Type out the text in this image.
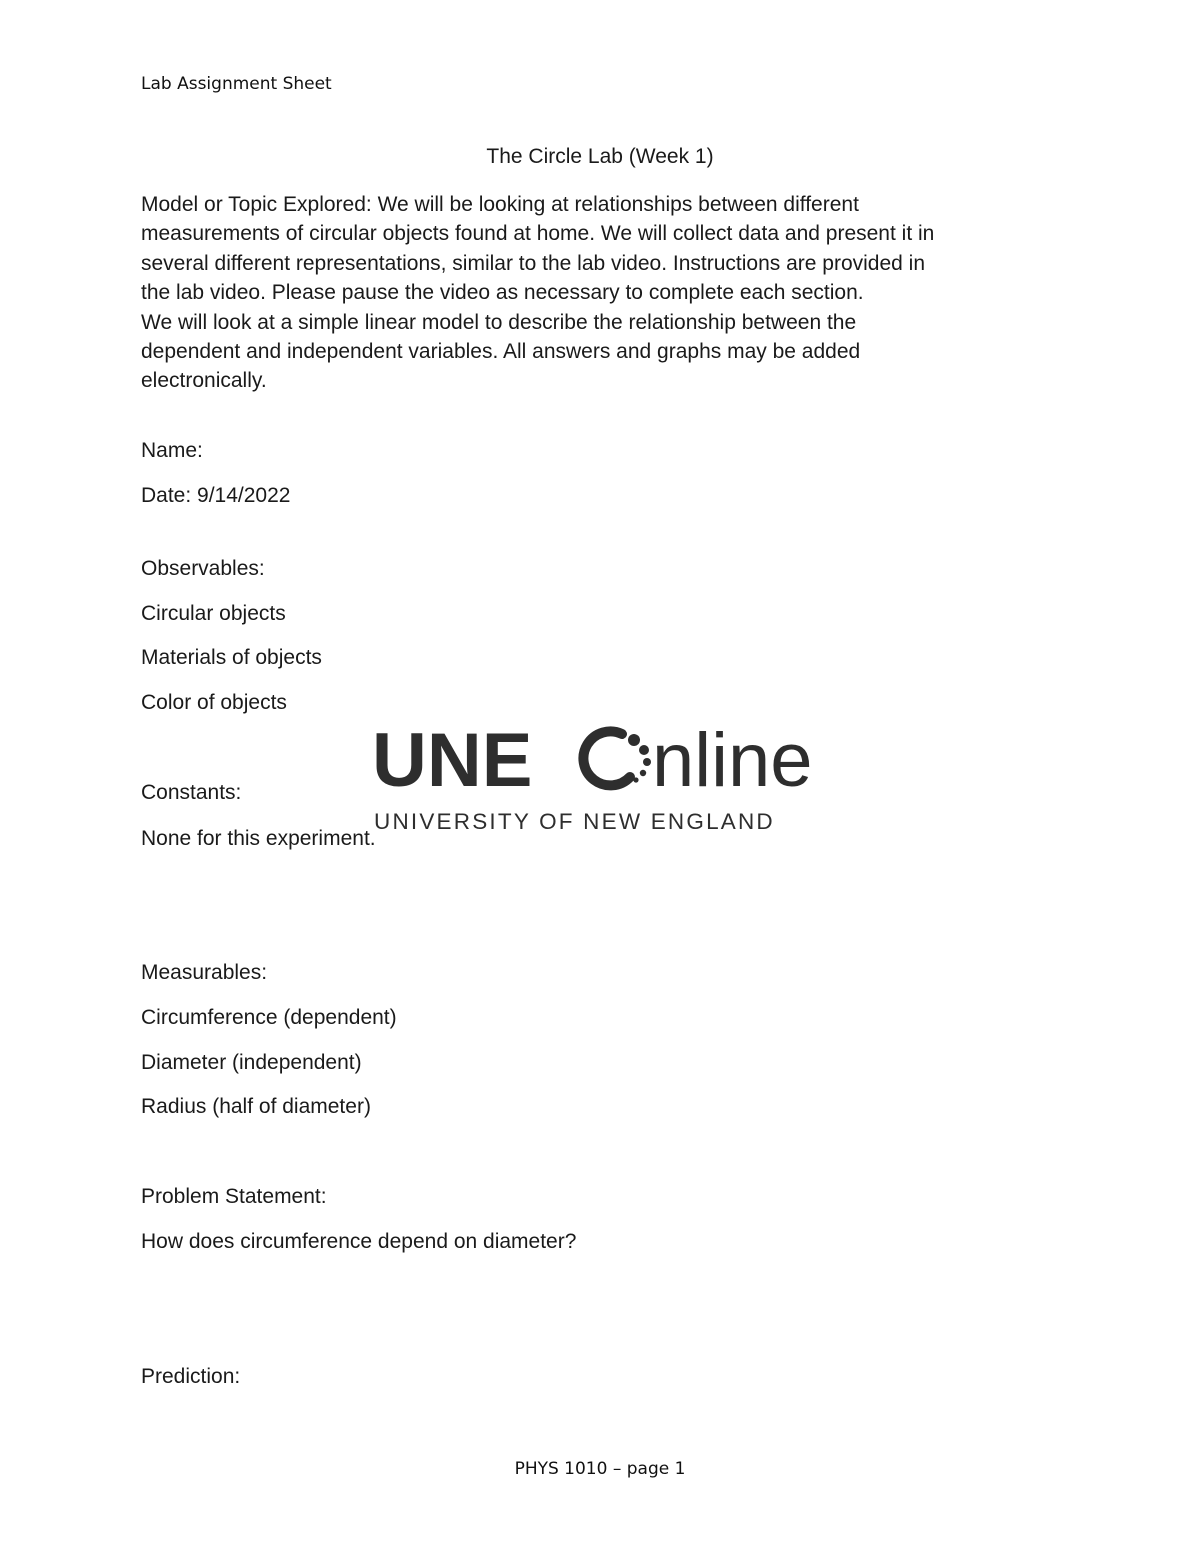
Lab Assignment Sheet
The Circle Lab (Week 1)
Model or Topic Explored: We will be looking at relationships between different
measurements of circular objects found at home. We will collect data and present it in
several different representations, similar to the lab video. Instructions are provided in
the lab video. Please pause the video as necessary to complete each section.
We will look at a simple linear model to describe the relationship between the
dependent and independent variables. All answers and graphs may be added
electronically.
Name:
Date: 9/14/2022
Observables:
Circular objects
Materials of objects
Color of objects
Constants:
None for this experiment.
Measurables:
Circumference (dependent)
Diameter (independent)
Radius (half of diameter)
Problem Statement:
How does circumference depend on diameter?
Prediction:
UNE nline
UNIVERSITY OF NEW ENGLAND
PHYS 1010 – page 1
